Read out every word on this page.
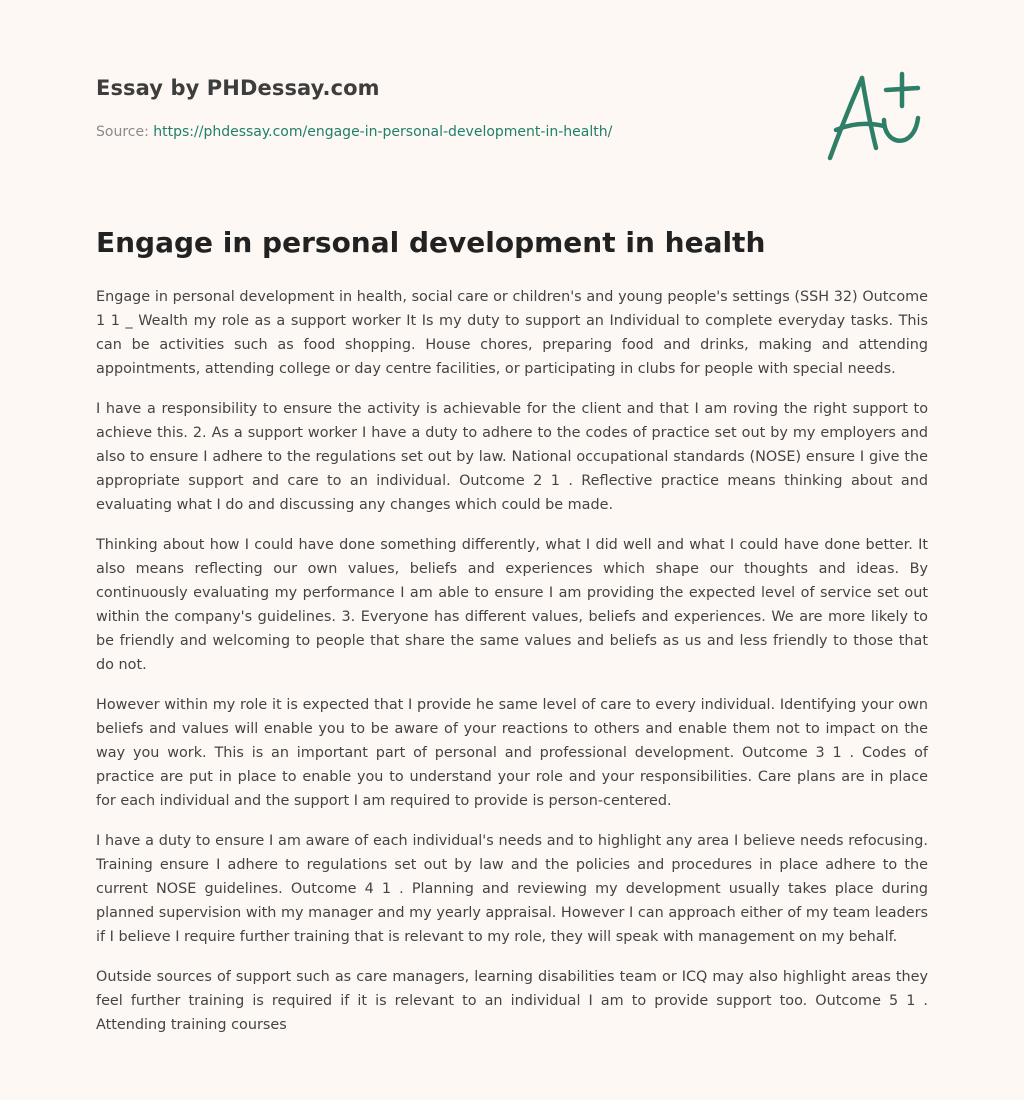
Essay by PHDessay.com
Source: https://phdessay.com/engage-in-personal-development-in-health/
Engage in personal development in health

Engage in personal development in health, social care or children's and young people's settings (SSH 32) Outcome 1 1 _ Wealth my role as a support worker It Is my duty to support an Individual to complete everyday tasks. This can be activities such as food shopping. House chores, preparing food and drinks, making and attending appointments, attending college or day centre facilities, or participating in clubs for people with special needs.

I have a responsibility to ensure the activity is achievable for the client and that I am roving the right support to achieve this. 2. As a support worker I have a duty to adhere to the codes of practice set out by my employers and also to ensure I adhere to the regulations set out by law. National occupational standards (NOSE) ensure I give the appropriate support and care to an individual. Outcome 2 1 . Reflective practice means thinking about and evaluating what I do and discussing any changes which could be made.

Thinking about how I could have done something differently, what I did well and what I could have done better. It also means reflecting our own values, beliefs and experiences which shape our thoughts and ideas. By continuously evaluating my performance I am able to ensure I am providing the expected level of service set out within the company's guidelines. 3. Everyone has different values, beliefs and experiences. We are more likely to be friendly and welcoming to people that share the same values and beliefs as us and less friendly to those that do not.

However within my role it is expected that I provide he same level of care to every individual. Identifying your own beliefs and values will enable you to be aware of your reactions to others and enable them not to impact on the way you work. This is an important part of personal and professional development. Outcome 3 1 . Codes of practice are put in place to enable you to understand your role and your responsibilities. Care plans are in place for each individual and the support I am required to provide is person-centered.

I have a duty to ensure I am aware of each individual's needs and to highlight any area I believe needs refocusing. Training ensure I adhere to regulations set out by law and the policies and procedures in place adhere to the current NOSE guidelines. Outcome 4 1 . Planning and reviewing my development usually takes place during planned supervision with my manager and my yearly appraisal. However I can approach either of my team leaders if I believe I require further training that is relevant to my role, they will speak with management on my behalf.

Outside sources of support such as care managers, learning disabilities team or ICQ may also highlight areas they feel further training is required if it is relevant to an individual I am to provide support too. Outcome 5 1 . Attending training courses
